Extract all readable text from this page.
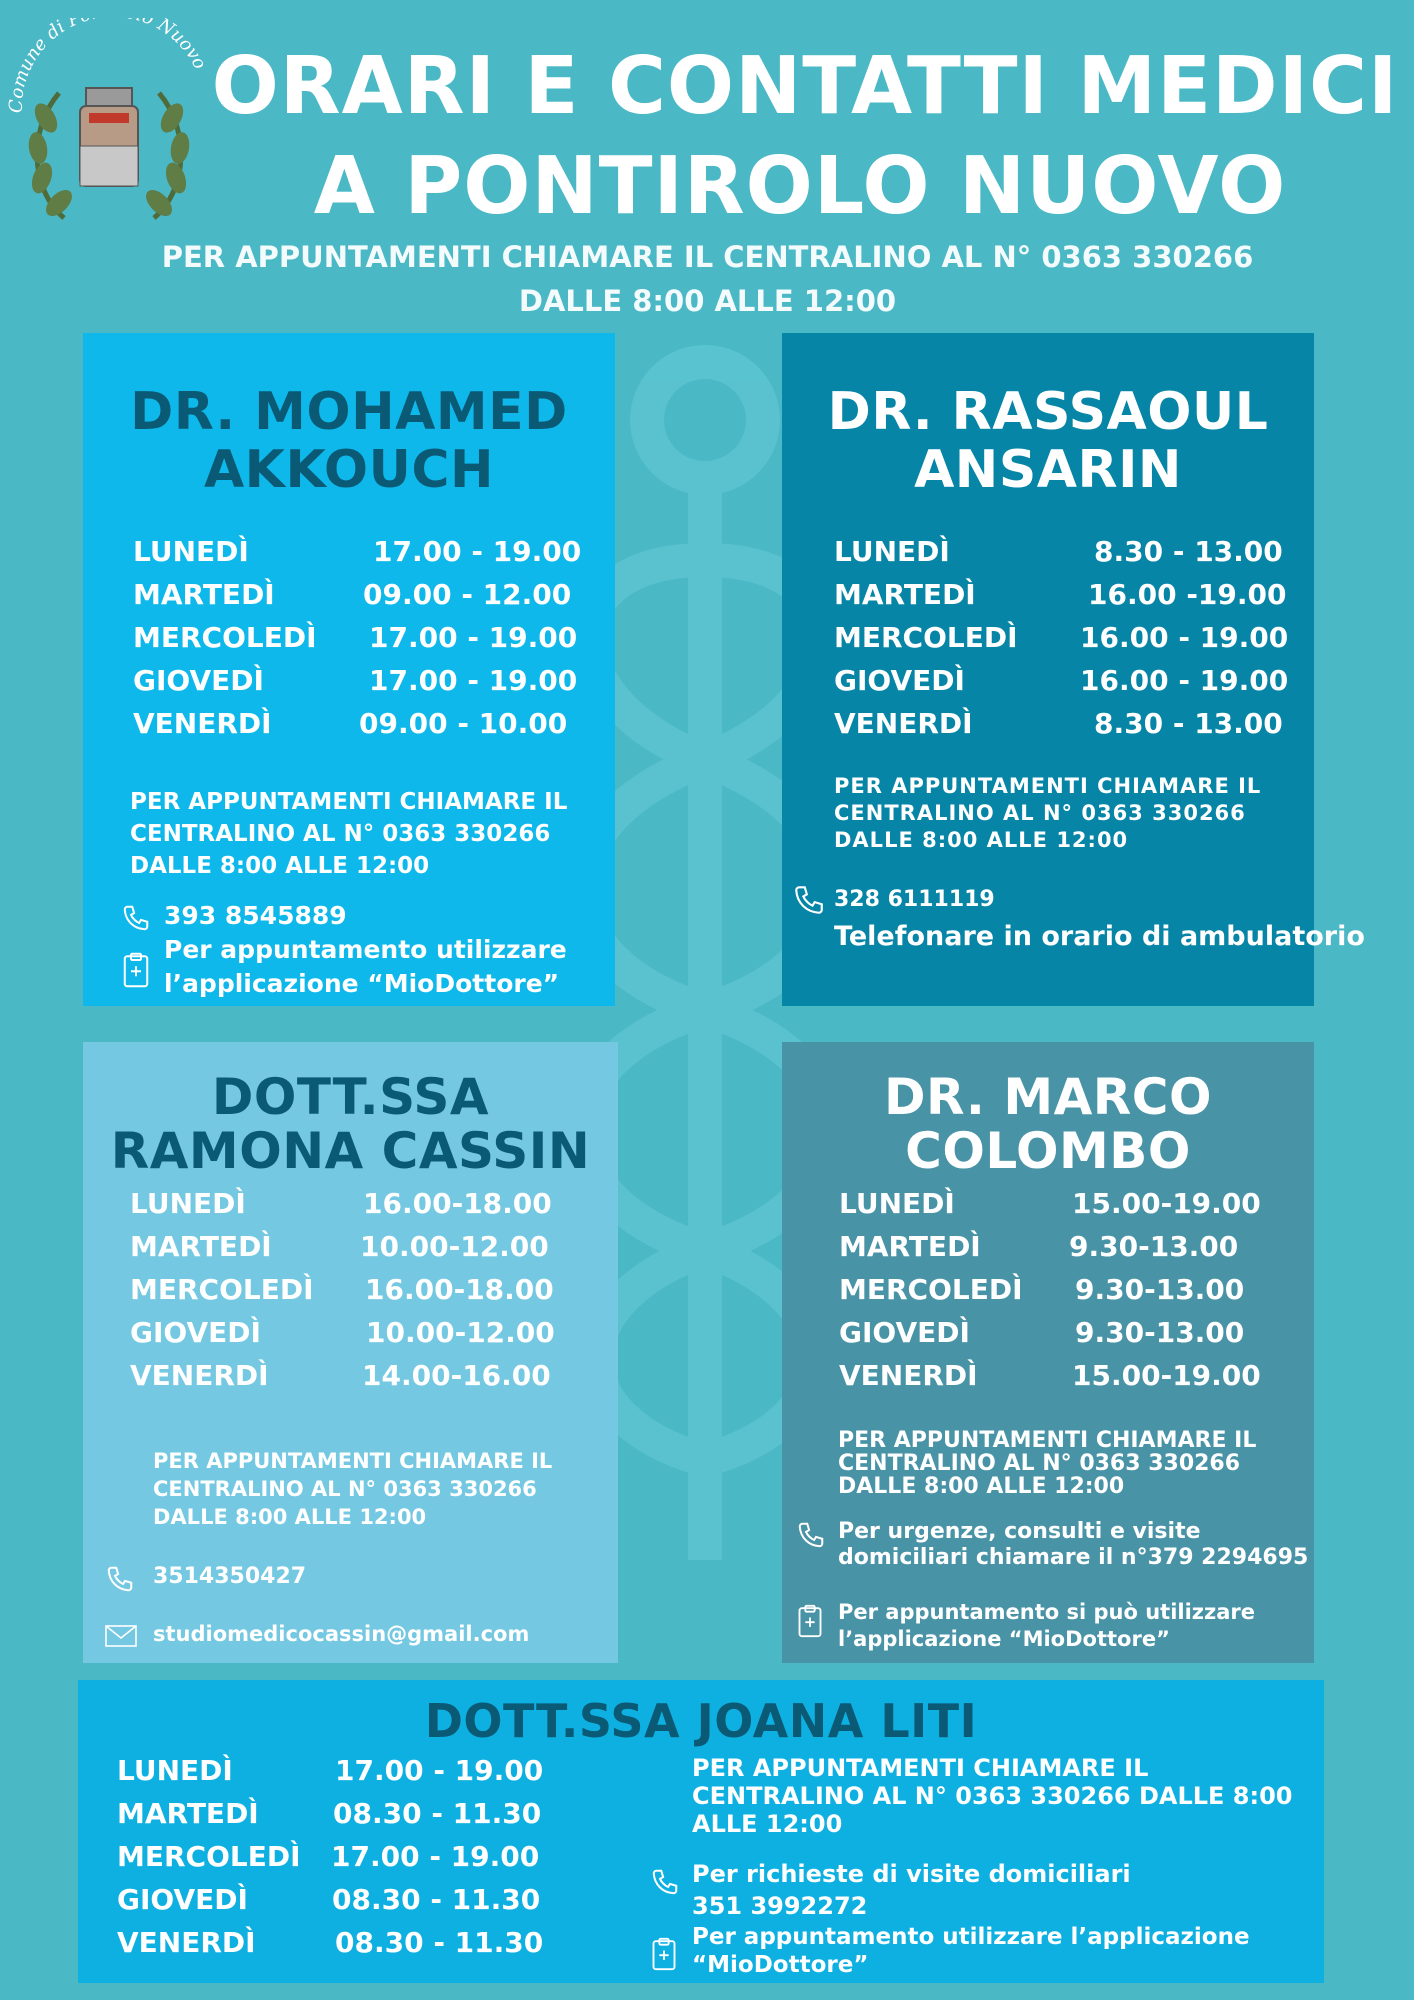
Comune di P Nuovo ORARI E CONTATTI MEDICI
A PONTIROLO NUOVO
PER APPUNTAMENTI CHIAMARE IL CENTRALINO AL N° 0363 330266
DALLE 8:00 ALLE 12:00
DR. MOHAMED
AKKOUCH
LUNEDÌ	17.00 - 19.00
MARTEDÌ	09.00 - 12.00
MERCOLEDÌ 17.00 - 19.00
GIOVEDÌ	17.00 - 19.00
VENERDÌ	09.00 - 10.00
PER APPUNTAMENTI CHIAMARE IL
CENTRALINO AL N° 0363 330266
DALLE 8:00 ALLE 12:00
393 8545889
Per appuntamento utilizzare
l’applicazione “MioDottore”
DR. RASSAOUL
ANSARIN
LUNEDÌ	8.30 - 13.00
MARTEDÌ	16.00 -19.00
MERCOLEDÌ 16.00 - 19.00
GIOVEDÌ	16.00 - 19.00
VENERDÌ	8.30 - 13.00
PER APPUNTAMENTI CHIAMARE IL
CENTRALINO AL N° 0363 330266
DALLE 8:00 ALLE 12:00
328 6111119
Telefonare in orario di ambulatorio
DOTT.SSA
RAMONA CASSIN
LUNEDÌ	16.00-18.00
MARTEDÌ	10.00-12.00
MERCOLEDÌ 16.00-18.00
GIOVEDÌ	10.00-12.00
VENERDÌ	14.00-16.00
PER APPUNTAMENTI CHIAMARE IL
CENTRALINO AL N° 0363 330266
DALLE 8:00 ALLE 12:00
3514350427
studiomedicocassin@gmail.com
DR. MARCO
COLOMBO
LUNEDÌ	15.00-19.00
MARTEDÌ	9.30-13.00
MERCOLEDÌ 9.30-13.00
GIOVEDÌ	9.30-13.00
VENERDÌ	15.00-19.00
PER APPUNTAMENTI CHIAMARE IL
CENTRALINO AL N° 0363 330266
DALLE 8:00 ALLE 12:00
Per urgenze, consulti e visite
domiciliari chiamare il n°379 2294695
Per appuntamento si può utilizzare
l’applicazione “MioDottore”
DOTT.SSA JOANA LITI
LUNEDÌ	17.00 - 19.00
MARTEDÌ	08.30 - 11.30
MERCOLEDÌ 17.00 - 19.00
GIOVEDÌ	08.30 - 11.30
VENERDÌ	08.30 - 11.30
PER APPUNTAMENTI CHIAMARE IL
CENTRALINO AL N° 0363 330266 DALLE 8:00
ALLE 12:00
Per richieste di visite domiciliari
351 3992272
Per appuntamento utilizzare l’applicazione
“MioDottore”
